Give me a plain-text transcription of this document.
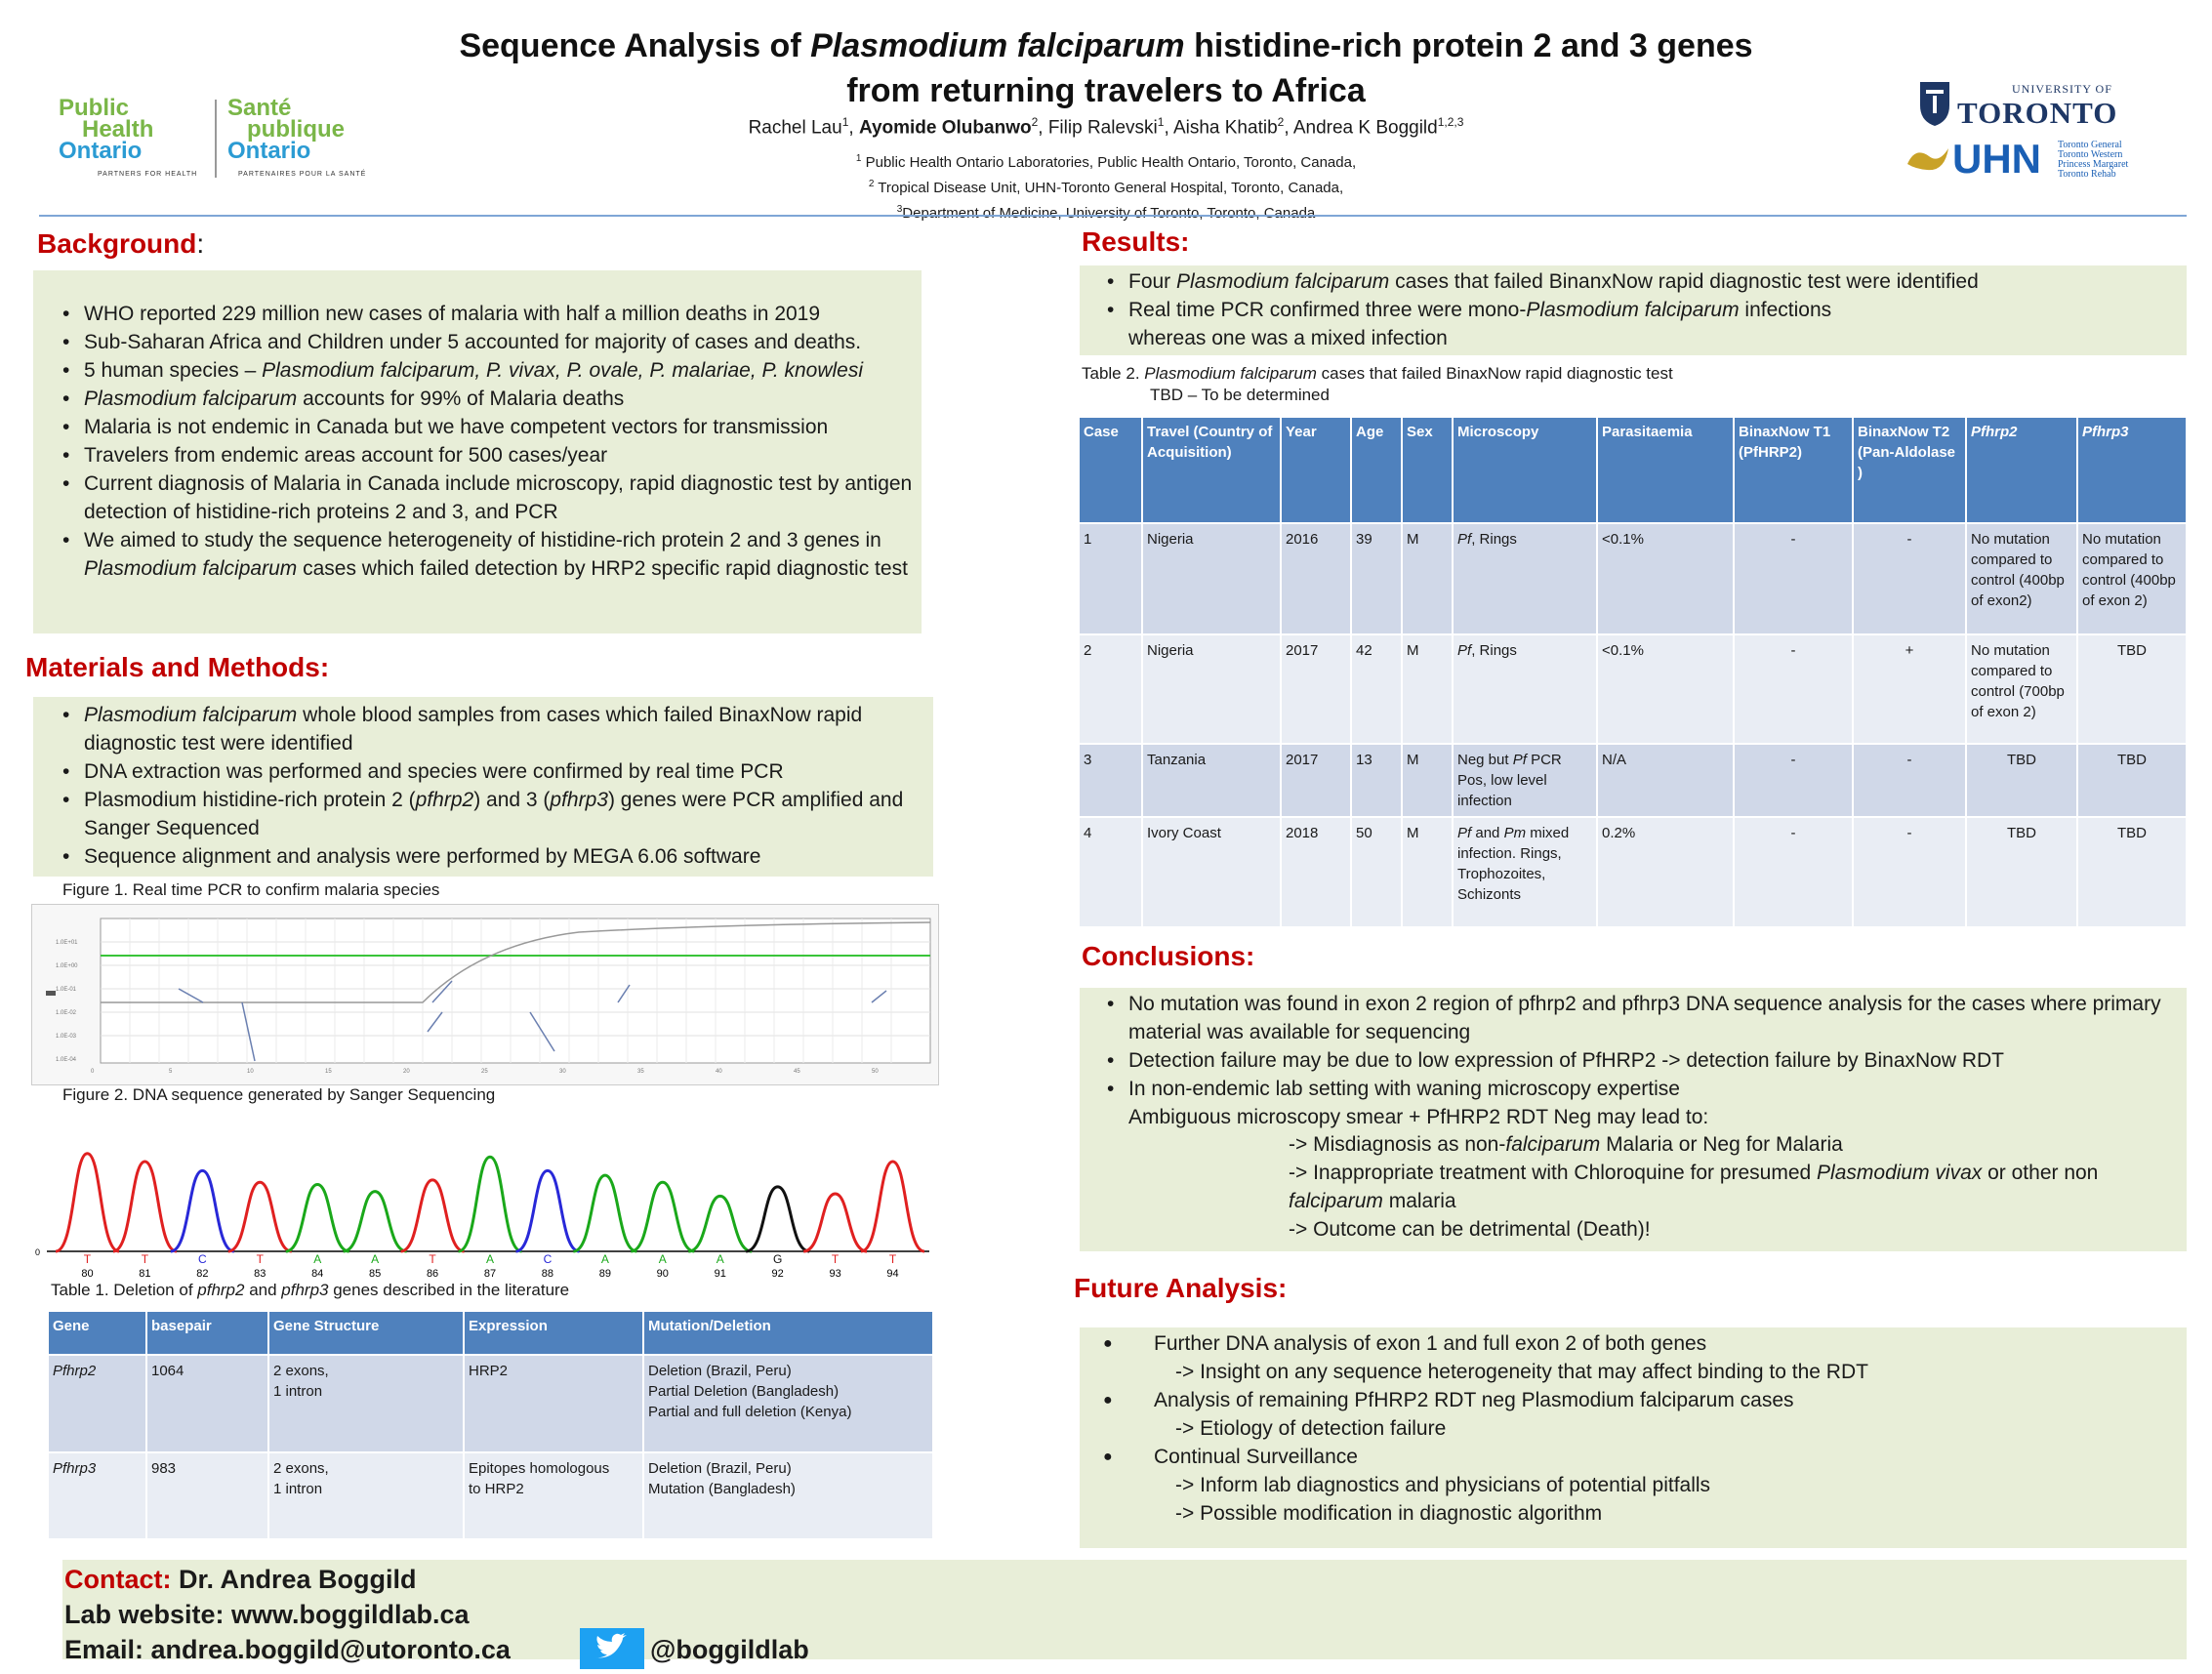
Sequence Analysis of Plasmodium falciparum histidine-rich protein 2 and 3 genes
from returning travelers to Africa
Rachel Lau$^1$, Ayomide Olubanwo$^2$, Filip Ralevski$^1$, Aisha Khatib$^2$, Andrea K Boggild$^{1,2,3}$
$^1$ Public Health Ontario Laboratories, Public Health Ontario, Toronto, Canada,
$^2$ Tropical Disease Unit, UHN-Toronto General Hospital, Toronto, Canada,
$^3$Department of Medicine, University of Toronto, Toronto, Canada
Public
Health
Ontario
PARTNERS FOR HEALTH
Santé
publique
Ontario
PARTENAIRES POUR LA SANTÉ
UNIVERSITY OF
TORONTO
UHN Toronto General
Toronto Western
Princess Margaret
Toronto Rehab
Background:
• WHO reported 229 million new cases of malaria with half a million deaths in 2019
• Sub-Saharan Africa and Children under 5 accounted for majority of cases and deaths.
• 5 human species – Plasmodium falciparum, P. vivax, P. ovale, P. malariae, P. knowlesi
• Plasmodium falciparum accounts for 99% of Malaria deaths
• Malaria is not endemic in Canada but we have competent vectors for transmission
• Travelers from endemic areas account for 500 cases/year
• Current diagnosis of Malaria in Canada include microscopy, rapid diagnostic test by antigen detection of histidine-rich proteins 2 and 3, and PCR
• We aimed to study the sequence heterogeneity of histidine-rich protein 2 and 3 genes in Plasmodium falciparum cases which failed detection by HRP2 specific rapid diagnostic test
Materials and Methods:
• Plasmodium falciparum whole blood samples from cases which failed BinaxNow rapid diagnostic test were identified
• DNA extraction was performed and species were confirmed by real time PCR
• Plasmodium histidine-rich protein 2 (pfhrp2) and 3 (pfhrp3) genes were PCR amplified and Sanger Sequenced
• Sequence alignment and analysis were performed by MEGA 6.06 software
Figure 1. Real time PCR to confirm malaria species
1.0E+01
1.0E+00
1.0E-01
1.0E-02
1.0E-03
1.0E-04
0	5	10	15	20	25	30	35	40	45	50
Figure 2. DNA sequence generated by Sanger Sequencing
0	T
80
T
81
C
82
T
83
A
84
A
85
T
86
A
87
C
88
A
89
A
90
A
91
G
92
T
93
T
94
Table 1. Deletion of pfhrp2 and pfhrp3 genes described in the literature
Gene	basepair	Gene Structure	Expression	Mutation/Deletion
Pfhrp2	1064	2 exons,
1 intron	HRP2	Deletion (Brazil, Peru)
Partial Deletion (Bangladesh)
Partial and full deletion (Kenya)
Pfhrp3	983	2 exons,
1 intron	Epitopes homologous
to HRP2	Deletion (Brazil, Peru)
Mutation (Bangladesh)
Results:
• Four Plasmodium falciparum cases that failed BinanxNow rapid diagnostic test were identified
• Real time PCR confirmed three were mono-Plasmodium falciparum infections
whereas one was a mixed infection
Table 2. Plasmodium falciparum cases that failed BinaxNow rapid diagnostic test
TBD – To be determined
Case	Travel (Country of Acquisition)	Year	Age	Sex	Microscopy	Parasitaemia	BinaxNow T1 (PfHRP2)	BinaxNow T2 (Pan-Aldolase )	Pfhrp2	Pfhrp3
1	Nigeria	2016	39	M	Pf, Rings	<0.1%	-	-	No mutation compared to control (400bp of exon2)	No mutation compared to control (400bp of exon 2)
2	Nigeria	2017	42	M	Pf, Rings	<0.1%	-	+	No mutation compared to control (700bp of exon 2)	TBD
3	Tanzania	2017	13	M	Neg but Pf PCR Pos, low level infection	N/A	-	-	TBD	TBD
4	Ivory Coast	2018	50	M	Pf and Pm mixed infection. Rings, Trophozoites, Schizonts	0.2%	-	-	TBD	TBD
Conclusions:
• No mutation was found in exon 2 region of pfhrp2 and pfhrp3 DNA sequence analysis for the cases where primary material was available for sequencing
• Detection failure may be due to low expression of PfHRP2 -> detection failure by BinaxNow RDT
• In non-endemic lab setting with waning microscopy expertise
Ambiguous microscopy smear + PfHRP2 RDT Neg may lead to:
-> Misdiagnosis as non-falciparum Malaria or Neg for Malaria
-> Inappropriate treatment with Chloroquine for presumed Plasmodium vivax or other non
falciparum malaria
-> Outcome can be detrimental (Death)!
Future Analysis:
● Further DNA analysis of exon 1 and full exon 2 of both genes
-> Insight on any sequence heterogeneity that may affect binding to the RDT
● Analysis of remaining PfHRP2 RDT neg Plasmodium falciparum cases
-> Etiology of detection failure
● Continual Surveillance
-> Inform lab diagnostics and physicians of potential pitfalls
-> Possible modification in diagnostic algorithm
Contact: Dr. Andrea Boggild
Lab website: www.boggildlab.ca
Email: andrea.boggild@utoronto.ca	@boggildlab
